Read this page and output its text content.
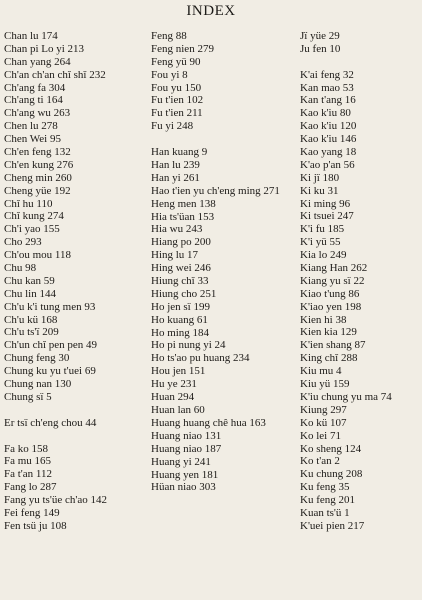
INDEX
Chan lu 174
Chan pi Lo yi 213
Chan yang 264
Ch'an ch'an chĭ shĭ 232
Ch'ang fa 304
Ch'ang ti 164
Ch'ang wu 263
Chen lu 278
Chen Wei 95
Ch'en feng 132
Ch'en kung 276
Cheng min 260
Cheng yüe 192
Chĭ hu 110
Chĭ kung 274
Ch'i yao 155
Cho 293
Ch'ou mou 118
Chu 98
Chu kan 59
Chu lin 144
Ch'u k'i tung men 93
Ch'u kü 168
Ch'u ts'ï 209
Ch'un chĭ pen pen 49
Chung feng 30
Chung ku yu t'uei 69
Chung nan 130
Chung sï 5
Er tsï ch'eng chou 44
Fa ko 158
Fa mu 165
Fa t'an 112
Fang lo 287
Fang yu ts'üe ch'ao 142
Fei feng 149
Fen tsü ju 108
Feng 88
Feng nien 279
Feng yü 90
Fou yi 8
Fou yu 150
Fu t'ien 102
Fu t'ien 211
Fu yi 248
Han kuang 9
Han lu 239
Han yi 261
Hao t'ien yu ch'eng ming 271
Heng men 138
Hia ts'üan 153
Hia wu 243
Hiang po 200
Hing lu 17
Hing wei 246
Hiung chĭ 33
Hiung cho 251
Ho jen sï 199
Ho kuang 61
Ho ming 184
Ho pi nung yi 24
Ho ts'ao pu huang 234
Hou jen 151
Hu ye 231
Huan 294
Huan lan 60
Huang huang chê hua 163
Huang niao 131
Huang niao 187
Huang yi 241
Huang yen 181
Hüan niao 303
Jï yüe 29
Ju fen 10
K'ai feng 32
Kan mao 53
Kan t'ang 16
Kao k'iu 80
Kao k'iu 120
Kao k'iu 146
Kao yang 18
K'ao p'an 56
Ki jï 180
Ki ku 31
Ki ming 96
Ki tsuei 247
K'i fu 185
K'i yü 55
Kia lo 249
Kiang Han 262
Kiang yu sï 22
Kiao t'ung 86
K'iao yen 198
Kien hi 38
Kien kia 129
K'ien shang 87
King chĭ 288
Kiu mu 4
Kiu yü 159
K'iu chung yu ma 74
Kiung 297
Ko kü 107
Ko lei 71
Ko sheng 124
Ko t'an 2
Ku chung 208
Ku feng 35
Ku feng 201
Kuan ts'ü 1
K'uei pien 217
